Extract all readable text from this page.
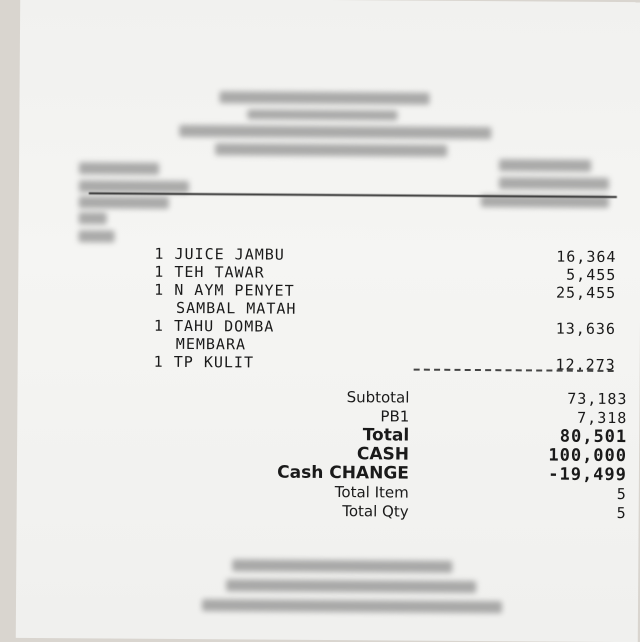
1 JUICE JAMBU	16,364
1 TEH TAWAR	5,455
1 N AYM PENYET	25,455
SAMBAL MATAH
1 TAHU DOMBA	13,636
MEMBARA
1 TP KULIT	12,273
Subtotal	73,183
PB1	7,318
Total	80,501
CASH	100,000
Cash CHANGE	-19,499
Total Item	5
Total Qty	5
